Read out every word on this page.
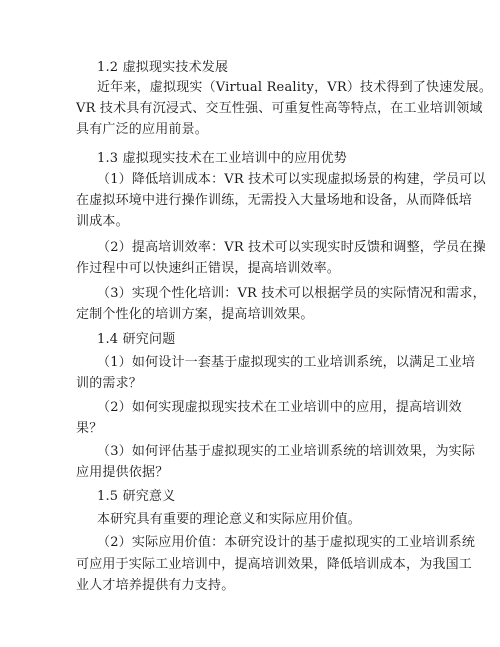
1.2 虚拟现实技术发展
近年来，虚拟现实（Virtual Reality，VR）技术得到了快速发展。
VR 技术具有沉浸式、交互性强、可重复性高等特点，在工业培训领域
具有广泛的应用前景。
1.3 虚拟现实技术在工业培训中的应用优势
（1）降低培训成本：VR 技术可以实现虚拟场景的构建，学员可以
在虚拟环境中进行操作训练，无需投入大量场地和设备，从而降低培
训成本。
（2）提高培训效率：VR 技术可以实现实时反馈和调整，学员在操
作过程中可以快速纠正错误，提高培训效率。
（3）实现个性化培训：VR 技术可以根据学员的实际情况和需求，
定制个性化的培训方案，提高培训效果。
1.4 研究问题
（1）如何设计一套基于虚拟现实的工业培训系统，以满足工业培
训的需求？
（2）如何实现虚拟现实技术在工业培训中的应用，提高培训效
果？
（3）如何评估基于虚拟现实的工业培训系统的培训效果，为实际
应用提供依据？
1.5 研究意义
本研究具有重要的理论意义和实际应用价值。
（2）实际应用价值：本研究设计的基于虚拟现实的工业培训系统
可应用于实际工业培训中，提高培训效果，降低培训成本，为我国工
业人才培养提供有力支持。
